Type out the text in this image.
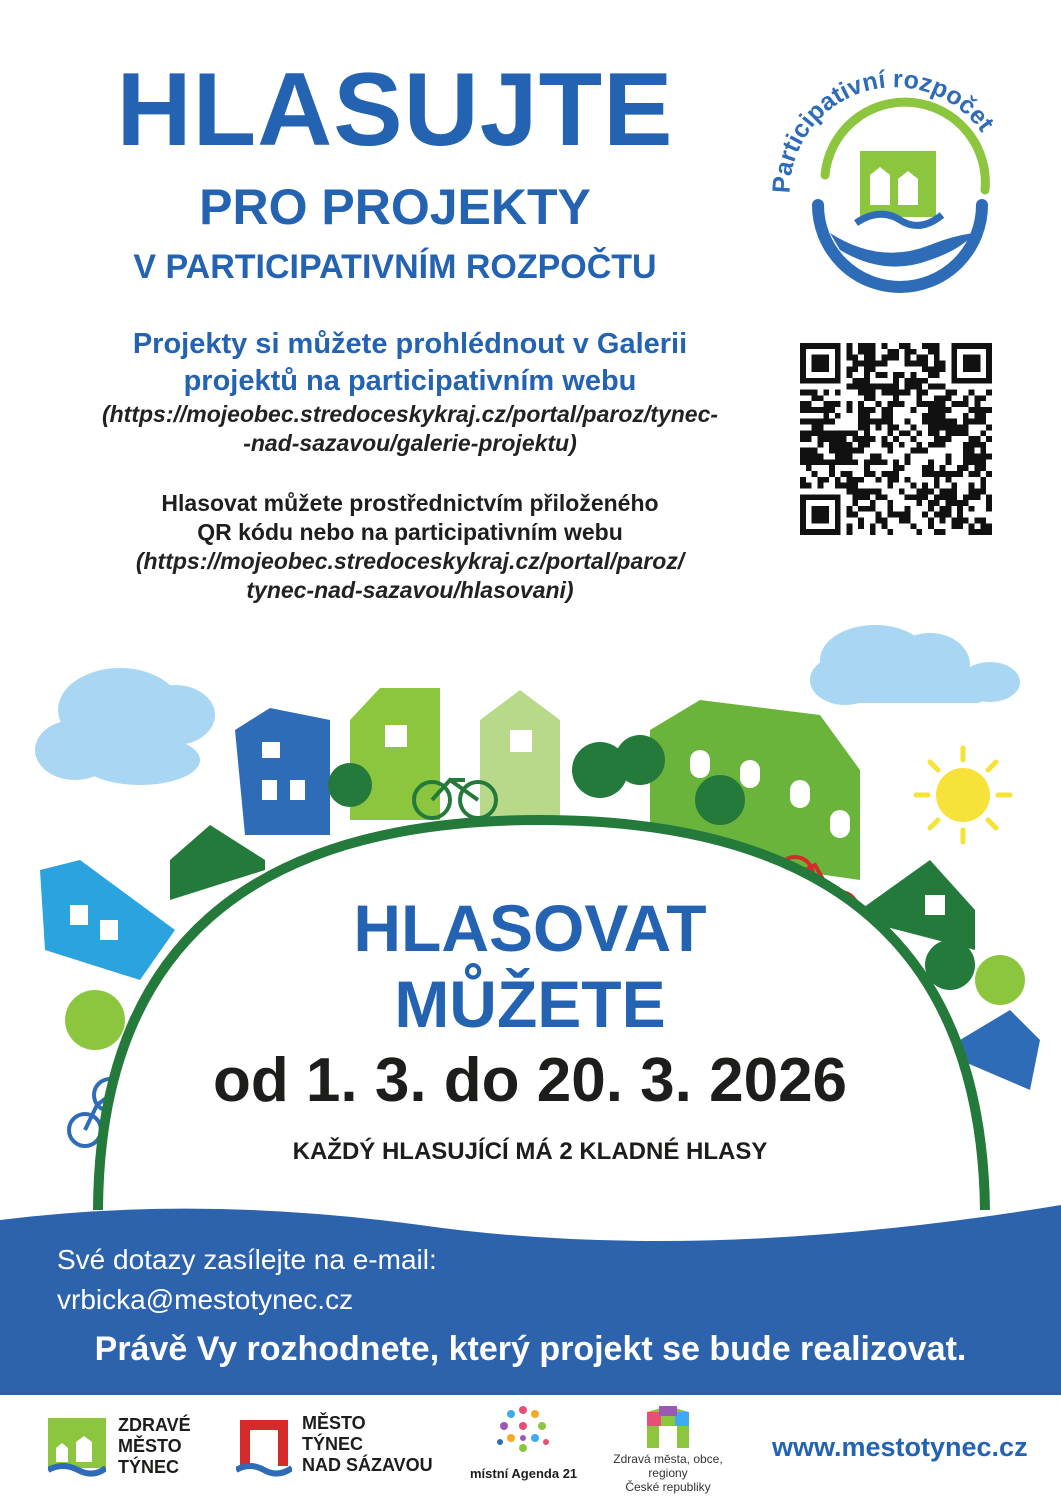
HLASUJTE
PRO PROJEKTY
V PARTICIPATIVNÍM ROZPOČTU
Participativní rozpočet
Projekty si můžete prohlédnout v Galerii
projektů na participativním webu
(https://mojeobec.stredoceskykraj.cz/portal/paroz/tynec-
-nad-sazavou/galerie-projektu)
Hlasovat můžete prostřednictvím přiloženého
QR kódu nebo na participativním webu
(https://mojeobec.stredoceskykraj.cz/portal/paroz/
tynec-nad-sazavou/hlasovani)
HLASOVAT
MŮŽETE
od 1. 3. do 20. 3. 2026
KAŽDÝ HLASUJÍCÍ MÁ 2 KLADNÉ HLASY
Své dotazy zasílejte na e-mail:
vrbicka@mestotynec.cz
Právě Vy rozhodnete, který projekt se bude realizovat.
ZDRAVÉ
MĚSTO
TÝNEC
MĚSTO
TÝNEC
NAD SÁZAVOU	místní Agenda 21
Zdravá města, obce, regiony
České republiky
www.mestotynec.cz
